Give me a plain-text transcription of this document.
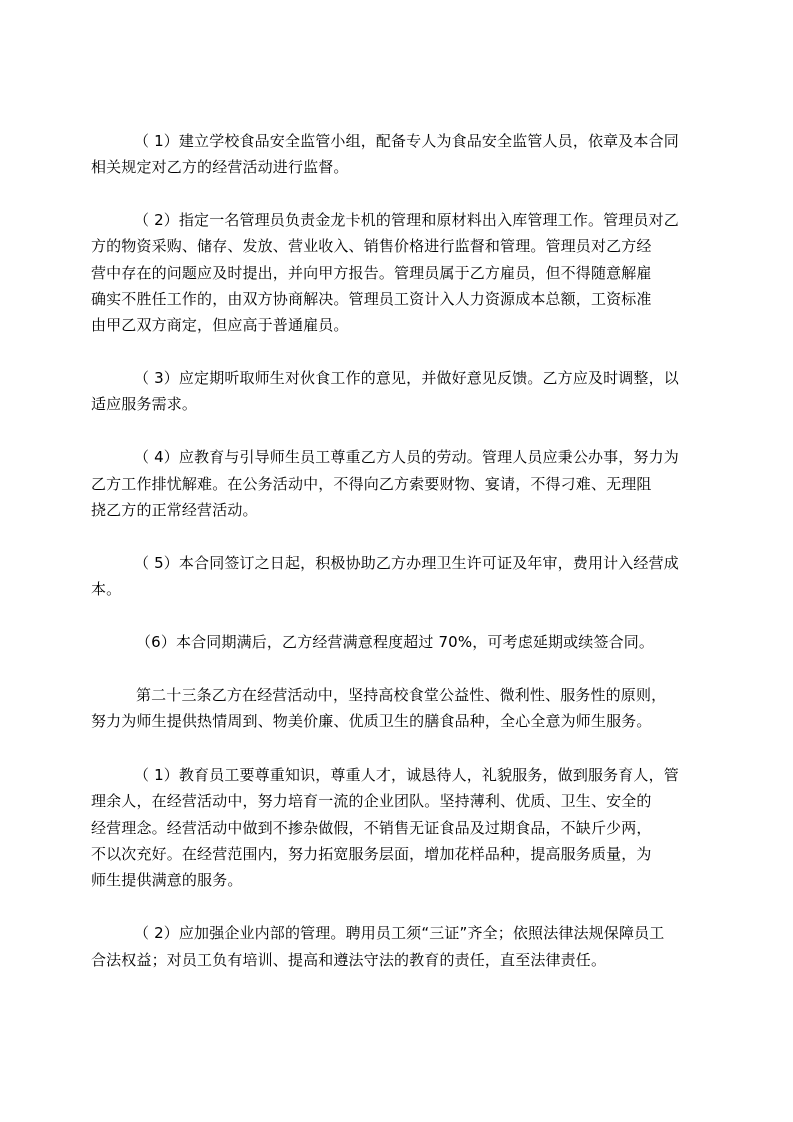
（ 1）建立学校食品安全监管小组，配备专人为食品安全监管人员，依章及本合同
相关规定对乙方的经营活动进行监督。
（ 2）指定一名管理员负责金龙卡机的管理和原材料出入库管理工作。管理员对乙
方的物资采购、储存、发放、营业收入、销售价格进行监督和管理。管理员对乙方经
营中存在的问题应及时提出，并向甲方报告。管理员属于乙方雇员，但不得随意解雇
确实不胜任工作的，由双方协商解决。管理员工资计入人力资源成本总额，工资标准
由甲乙双方商定，但应高于普通雇员。
（ 3）应定期听取师生对伙食工作的意见，并做好意见反馈。乙方应及时调整，以
适应服务需求。
（ 4）应教育与引导师生员工尊重乙方人员的劳动。管理人员应秉公办事，努力为
乙方工作排忧解难。在公务活动中，不得向乙方索要财物、宴请，不得刁难、无理阻
挠乙方的正常经营活动。
（ 5）本合同签订之日起，积极协助乙方办理卫生许可证及年审，费用计入经营成
本。
（6）本合同期满后，乙方经营满意程度超过 70%，可考虑延期或续签合同。
第二十三条乙方在经营活动中，坚持高校食堂公益性、微利性、服务性的原则，
努力为师生提供热情周到、物美价廉、优质卫生的膳食品种，全心全意为师生服务。
（ 1）教育员工要尊重知识，尊重人才，诚恳待人，礼貌服务，做到服务育人，管
理余人，在经营活动中，努力培育一流的企业团队。坚持薄利、优质、卫生、安全的
经营理念。经营活动中做到不掺杂做假，不销售无证食品及过期食品，不缺斤少两，
不以次充好。在经营范围内，努力拓宽服务层面，增加花样品种，提高服务质量，为
师生提供满意的服务。
（ 2）应加强企业内部的管理。聘用员工须“三证”齐全；依照法律法规保障员工
合法权益；对员工负有培训、提高和遵法守法的教育的责任，直至法律责任。
